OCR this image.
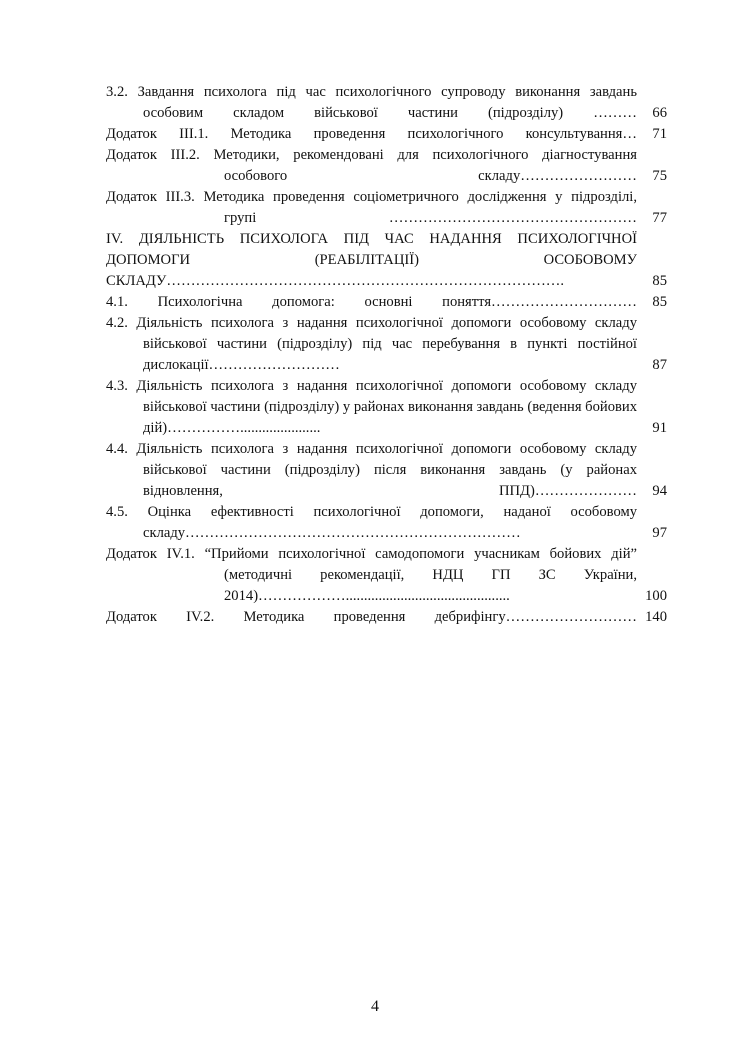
3.2. Завдання психолога під час психологічного супроводу виконання завдань особовим складом військової частини (підрозділу) ………	66
Додаток ІІІ.1. Методика проведення психологічного консультування…	71
Додаток ІІІ.2. Методики, рекомендовані для психологічного діагностування особового складу……………………	75
Додаток ІІІ.3. Методика проведення соціометричного дослідження у підрозділі, групі ……………………………………………	77
IV. ДІЯЛЬНІСТЬ ПСИХОЛОГА ПІД ЧАС НАДАННЯ ПСИХОЛОГІЧНОЇ ДОПОМОГИ (РЕАБІЛІТАЦІЇ) ОСОБОВОМУ СКЛАДУ……………………………………………………………………….	85
4.1. Психологічна допомога: основні поняття…………………………	85
4.2. Діяльність психолога з надання психологічної допомоги особовому складу військової частини (підрозділу) під час перебування в пункті постійної дислокації………………………	87
4.3. Діяльність психолога з надання психологічної допомоги особовому складу військової частини (підрозділу) у районах виконання завдань (ведення бойових дій)……………......................	91
4.4. Діяльність психолога з надання психологічної допомоги особовому складу військової частини (підрозділу) після виконання завдань (у районах відновлення, ППД)…………………	94
4.5. Оцінка ефективності психологічної допомоги, наданої особовому складу……………………………………………………………	97
Додаток IV.1. “Прийоми психологічної самодопомоги учасникам бойових дій” (методичні рекомендації, НДЦ ГП ЗС України, 2014)……………….............................................	100
Додаток IV.2. Методика проведення дебрифінгу……………………… 140
4
